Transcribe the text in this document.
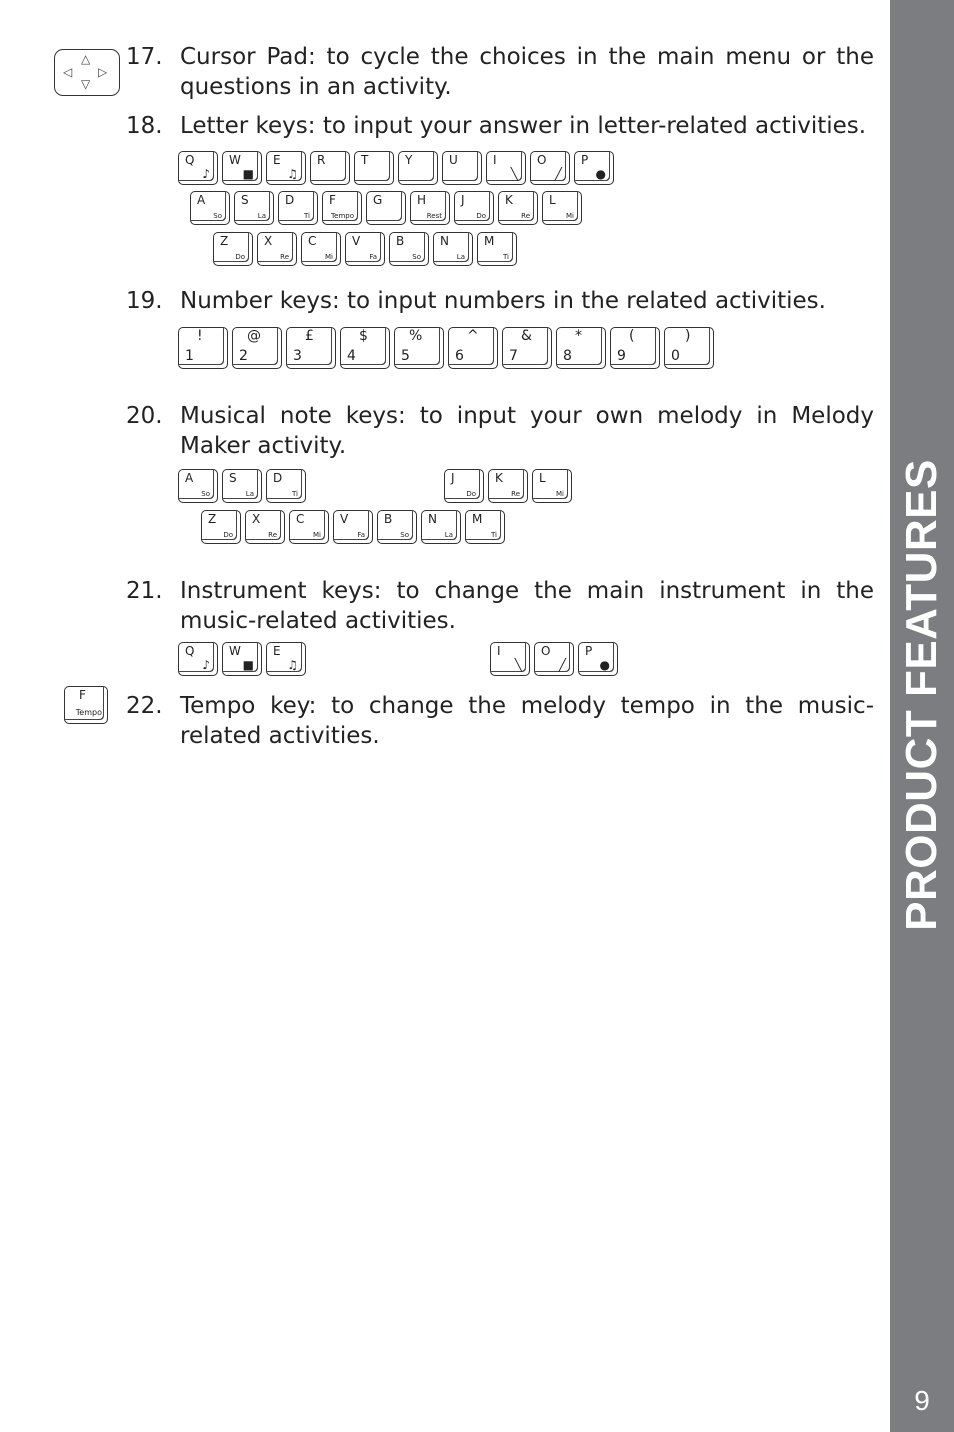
PRODUCT FEATURES
9
△
▽
◁ ▷
17. Cursor Pad: to cycle the choices in the main menu or the questions in an activity.
18. Letter keys: to input your answer in letter-related activities.
Q
♪
W
■
E
♫
R	T	Y	U	I
╲
O
╱
P
●
A
So
S
La
D
Ti
F
Tempo
G	H
Rest
J
Do
K
Re
L
Mi
Z
Do
X
Re
C
Mi
V
Fa
B
So
N
La
M
Ti
19. Number keys: to input numbers in the related activities.
!
1
@
2
£
3
$
4
%
5
^
6
&
7
*
8
(
9
)
0
20. Musical note keys: to input your own melody in Melody Maker activity.
A
So
S
La
D
Ti
J
Do
K
Re
L
Mi
Z
Do
X
Re
C
Mi
V
Fa
B
So
N
La
M
Ti
21. Instrument keys: to change the main instrument in the music-related activities.
Q
♪
W
■
E
♫
I
╲
O
╱
P
●
F
Tempo 22. Tempo key: to change the melody tempo in the music-related activities.
